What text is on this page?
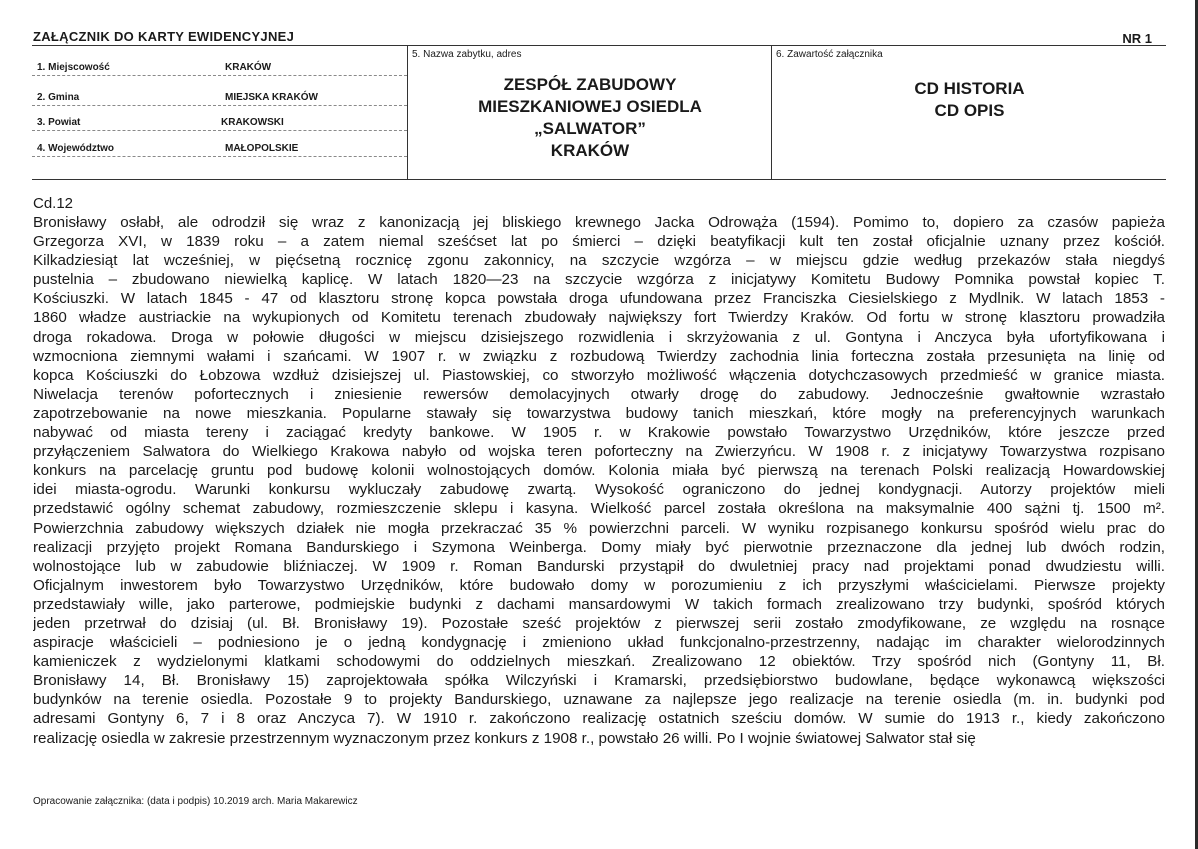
ZAŁĄCZNIK DO KARTY EWIDENCYJNEJ	NR 1
1. Miejscowość	KRAKÓW
2. Gmina	MIEJSKA KRAKÓW
3. Powiat	KRAKOWSKI
4. Województwo	MAŁOPOLSKIE
5. Nazwa zabytku, adres
ZESPÓŁ ZABUDOWY
MIESZKANIOWEJ OSIEDLA
„SALWATOR”
KRAKÓW
6. Zawartość załącznika
CD HISTORIA
CD OPIS
Cd.12
Bronisławy osłabł, ale odrodził się wraz z kanonizacją jej bliskiego krewnego Jacka Odrowąża (1594). Pomimo to, dopiero za czasów papieża
Grzegorza XVI, w 1839 roku – a zatem niemal sześćset lat po śmierci – dzięki beatyfikacji kult ten został oficjalnie uznany przez kościół.
Kilkadziesiąt lat wcześniej, w pięćsetną rocznicę zgonu zakonnicy, na szczycie wzgórza – w miejscu gdzie według przekazów stała niegdyś
pustelnia – zbudowano niewielką kaplicę. W latach 1820—23 na szczycie wzgórza z inicjatywy Komitetu Budowy Pomnika powstał kopiec T.
Kościuszki. W latach 1845 - 47 od klasztoru stronę kopca powstała droga ufundowana przez Franciszka Ciesielskiego z Mydlnik. W latach 1853 -
1860 władze austriackie na wykupionych od Komitetu terenach zbudowały największy fort Twierdzy Kraków. Od fortu w stronę klasztoru prowadziła
droga rokadowa. Droga w połowie długości w miejscu dzisiejszego rozwidlenia i skrzyżowania z ul. Gontyna i Anczyca była ufortyfikowana i
wzmocniona ziemnymi wałami i szańcami. W 1907 r. w związku z rozbudową Twierdzy zachodnia linia forteczna została przesunięta na linię od
kopca Kościuszki do Łobzowa wzdłuż dzisiejszej ul. Piastowskiej, co stworzyło możliwość włączenia dotychczasowych przedmieść w granice miasta.
Niwelacja terenów pofortecznych i zniesienie rewersów demolacyjnych otwarły drogę do zabudowy. Jednocześnie gwałtownie wzrastało
zapotrzebowanie na nowe mieszkania. Popularne stawały się towarzystwa budowy tanich mieszkań, które mogły na preferencyjnych warunkach
nabywać od miasta tereny i zaciągać kredyty bankowe. W 1905 r. w Krakowie powstało Towarzystwo Urzędników, które jeszcze przed
przyłączeniem Salwatora do Wielkiego Krakowa nabyło od wojska teren pofortеczny na Zwierzyńcu. W 1908 r. z inicjatywy Towarzystwa rozpisano
konkurs na parcelację gruntu pod budowę kolonii wolnostojących domów. Kolonia miała być pierwszą na terenach Polski realizacją Howardowskiej
idei miasta-ogrodu. Warunki konkursu wykluczały zabudowę zwartą. Wysokość ograniczono do jednej kondygnacji. Autorzy projektów mieli
przedstawić ogólny schemat zabudowy, rozmieszczenie sklepu i kasyna. Wielkość parcel została określona na maksymalnie 400 sążni tj. 1500 m².
Powierzchnia zabudowy większych działek nie mogła przekraczać 35 % powierzchni parceli. W wyniku rozpisanego konkursu spośród wielu prac do
realizacji przyjęto projekt Romana Bandurskiego i Szymona Weinberga. Domy miały być pierwotnie przeznaczone dla jednej lub dwóch rodzin,
wolnostojące lub w zabudowie bliźniaczej. W 1909 r. Roman Bandurski przystąpił do dwuletniej pracy nad projektami ponad dwudziestu willi.
Oficjalnym inwestorem było Towarzystwo Urzędników, które budowało domy w porozumieniu z ich przyszłymi właścicielami. Pierwsze projekty
przedstawiały wille, jako parterowe, podmiejskie budynki z dachami mansardowymi W takich formach zrealizowano trzy budynki, spośród których
jeden przetrwał do dzisiaj (ul. Bł. Bronisławy 19). Pozostałe sześć projektów z pierwszej serii zostało zmodyfikowane, ze względu na rosnące
aspiracje właścicieli – podniesiono je o jedną kondygnację i zmieniono układ funkcjonalno-przestrzenny, nadając im charakter wielorodzinnych
kamieniczek z wydzielonymi klatkami schodowymi do oddzielnych mieszkań. Zrealizowano 12 obiektów. Trzy spośród nich (Gontyny 11, Bł.
Bronisławy 14, Bł. Bronisławy 15) zaprojektowała spółka Wilczyński i Kramarski, przedsiębiorstwo budowlane, będące wykonawcą większości
budynków na terenie osiedla. Pozostałe 9 to projekty Bandurskiego, uznawane za najlepsze jego realizacje na terenie osiedla (m. in. budynki pod
adresami Gontyny 6, 7 i 8 oraz Anczyca 7). W 1910 r. zakończono realizację ostatnich sześciu domów. W sumie do 1913 r., kiedy zakończono
realizację osiedla w zakresie przestrzennym wyznaczonym przez konkurs z 1908 r., powstało 26 willi. Po I wojnie światowej Salwator stał się
Opracowanie załącznika: (data i podpis) 10.2019 arch. Maria Makarewicz
